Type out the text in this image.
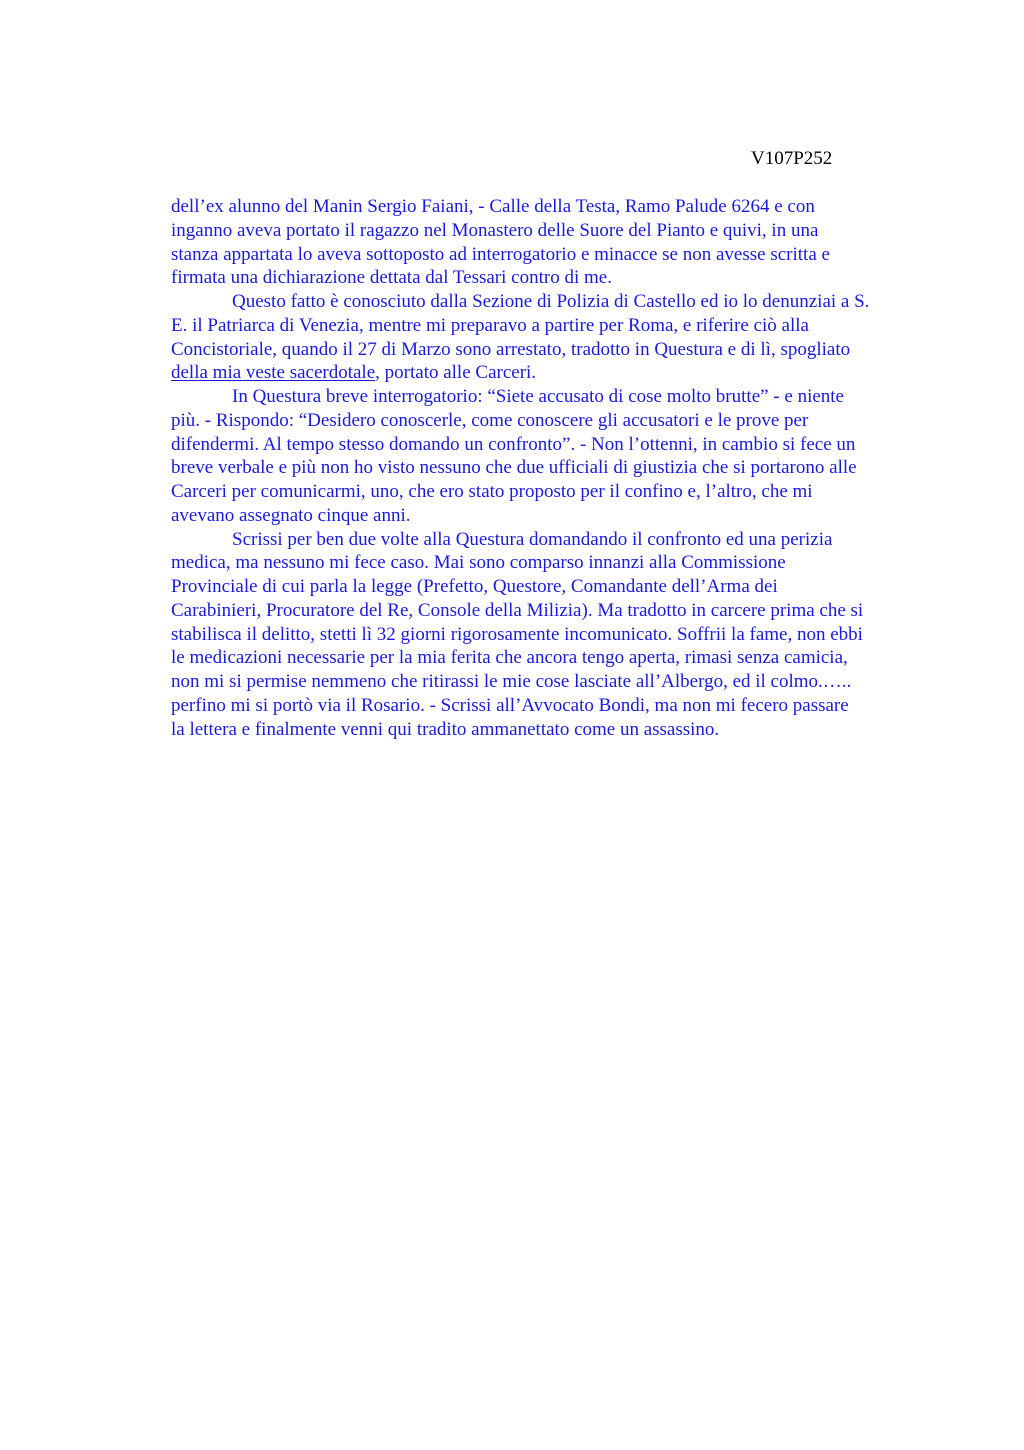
V107P252
dell’ex alunno del Manin Sergio Faiani, - Calle della Testa, Ramo Palude 6264 e con
inganno aveva portato il ragazzo nel Monastero delle Suore del Pianto e quivi, in una
stanza appartata lo aveva sottoposto ad interrogatorio e minacce se non avesse scritta e
firmata una dichiarazione dettata dal Tessari contro di me.
Questo fatto è conosciuto dalla Sezione di Polizia di Castello ed io lo denunziai a S.
E. il Patriarca di Venezia, mentre mi preparavo a partire per Roma, e riferire ciò alla
Concistoriale, quando il 27 di Marzo sono arrestato, tradotto in Questura e di lì, spogliato
della mia veste sacerdotale, portato alle Carceri.
In Questura breve interrogatorio: “Siete accusato di cose molto brutte” - e niente
più. - Rispondo: “Desidero conoscerle, come conoscere gli accusatori e le prove per
difendermi. Al tempo stesso domando un confronto”. - Non l’ottenni, in cambio si fece un
breve verbale e più non ho visto nessuno che due ufficiali di giustizia che si portarono alle
Carceri per comunicarmi, uno, che ero stato proposto per il confino e, l’altro, che mi
avevano assegnato cinque anni.
Scrissi per ben due volte alla Questura domandando il confronto ed una perizia
medica, ma nessuno mi fece caso. Mai sono comparso innanzi alla Commissione
Provinciale di cui parla la legge (Prefetto, Questore, Comandante dell’Arma dei
Carabinieri, Procuratore del Re, Console della Milizia). Ma tradotto in carcere prima che si
stabilisca il delitto, stetti lì 32 giorni rigorosamente incomunicato. Soffrii la fame, non ebbi
le medicazioni necessarie per la mia ferita che ancora tengo aperta, rimasi senza camicia,
non mi si permise nemmeno che ritirassi le mie cose lasciate all’Albergo, ed il colmo.…..
perfino mi si portò via il Rosario. - Scrissi all’Avvocato Bondi, ma non mi fecero passare
la lettera e finalmente venni qui tradito ammanettato come un assassino.
